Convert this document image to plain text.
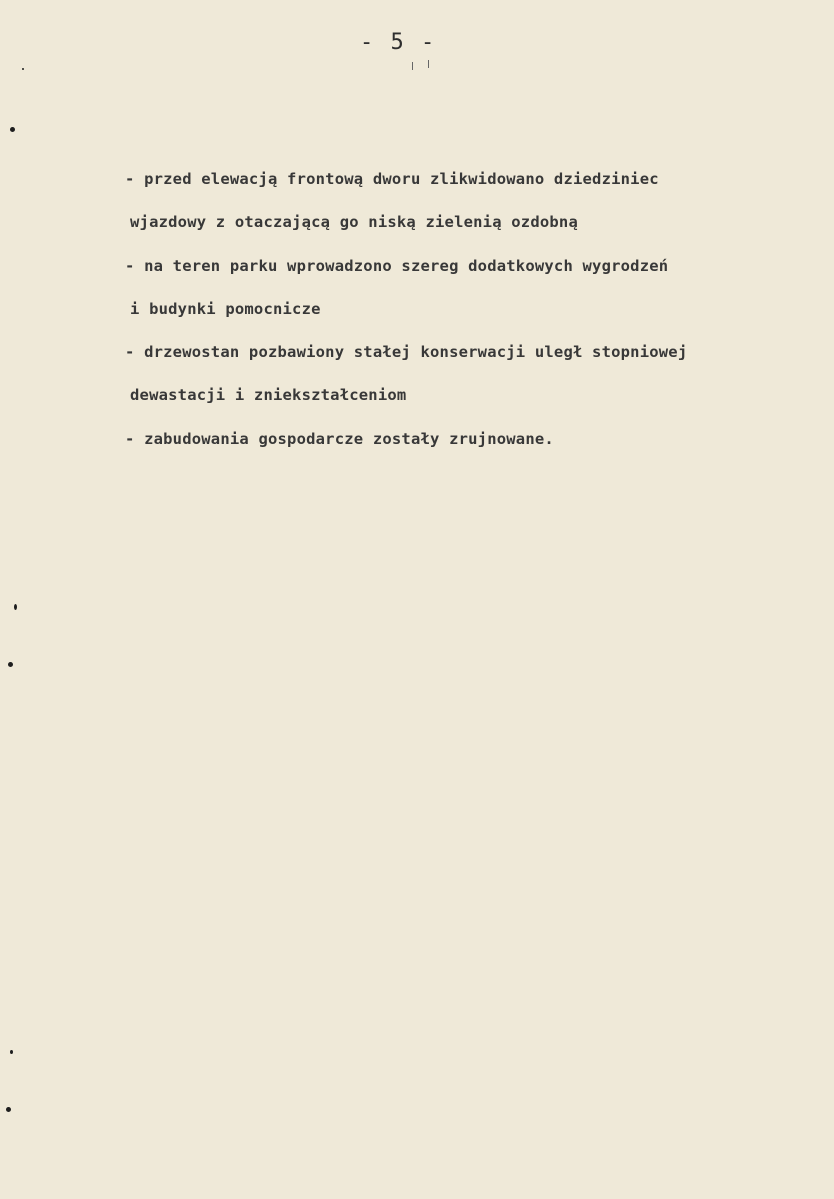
- 5 -
- przed elewacją frontową dworu zlikwidowano dziedziniec
wjazdowy z otaczającą go niską zielenią ozdobną
- na teren parku wprowadzono szereg dodatkowych wygrodzeń
i budynki pomocnicze
- drzewostan pozbawiony stałej konserwacji uległ stopniowej
dewastacji i zniekształceniom
- zabudowania gospodarcze zostały zrujnowane.
